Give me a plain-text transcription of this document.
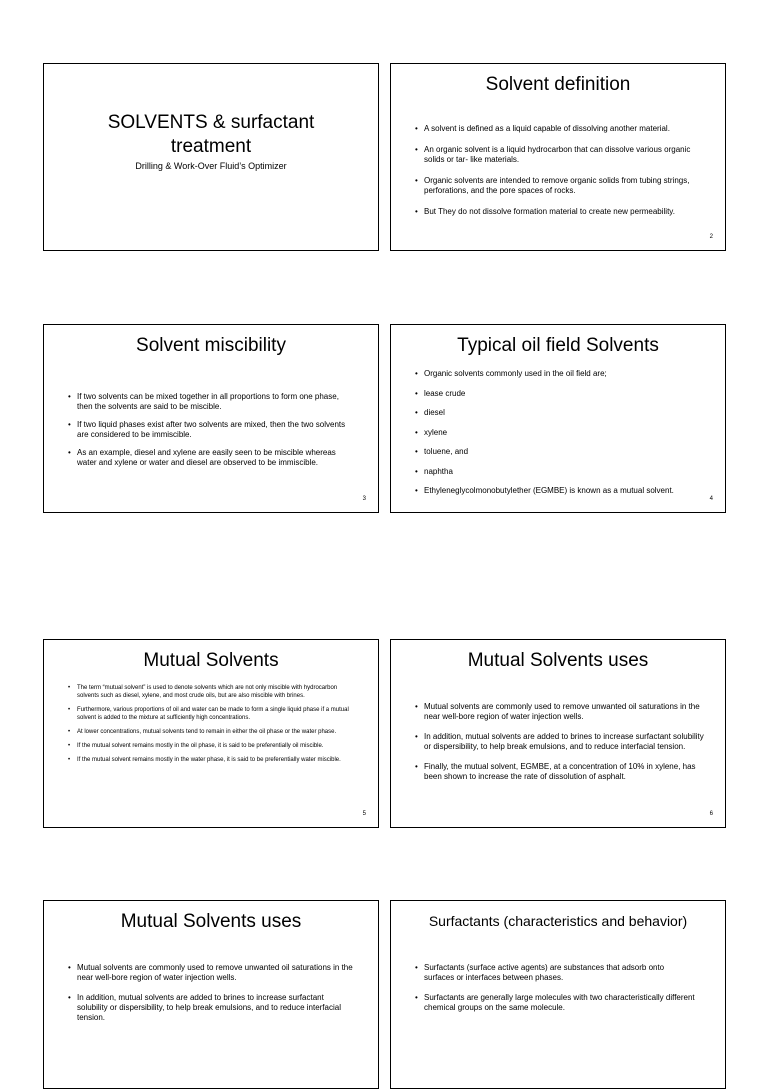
SOLVENTS & surfactant treatment
Drilling & Work-Over Fluid’s Optimizer
Solvent definition
• A solvent is defined as a liquid capable of dissolving another material.
• An organic solvent is a liquid hydrocarbon that can dissolve various organic solids or tar- like materials.
• Organic solvents are intended to remove organic solids from tubing strings, perforations, and the pore spaces of rocks.
• But They do not dissolve formation material to create new permeability.
2
Solvent miscibility
• If two solvents can be mixed together in all proportions to form one phase, then the solvents are said to be miscible.
• If two liquid phases exist after two solvents are mixed, then the two solvents are considered to be immiscible.
• As an example, diesel and xylene are easily seen to be miscible whereas water and xylene or water and diesel are observed to be immiscible.
3
Typical oil field Solvents
• Organic solvents commonly used in the oil field are;
• lease crude
• diesel
• xylene
• toluene, and
• naphtha
• Ethyleneglycolmonobutylether (EGMBE) is known as a mutual solvent.
4
Mutual Solvents
• The term “mutual solvent” is used to denote solvents which are not only miscible with hydrocarbon solvents such as diesel, xylene, and most crude oils, but are also miscible with brines.
• Furthermore, various proportions of oil and water can be made to form a single liquid phase if a mutual solvent is added to the mixture at sufficiently high concentrations.
• At lower concentrations, mutual solvents tend to remain in either the oil phase or the water phase.
• If the mutual solvent remains mostly in the oil phase, it is said to be preferentially oil miscible.
• If the mutual solvent remains mostly in the water phase, it is said to be preferentially water miscible.
5
Mutual Solvents uses
• Mutual solvents are commonly used to remove unwanted oil saturations in the near well-bore region of water injection wells.
• In addition, mutual solvents are added to brines to increase surfactant solubility or dispersibility, to help break emulsions, and to reduce interfacial tension.
• Finally, the mutual solvent, EGMBE, at a concentration of 10% in xylene, has been shown to increase the rate of dissolution of asphalt.
6
Mutual Solvents uses
• Mutual solvents are commonly used to remove unwanted oil saturations in the near well-bore region of water injection wells.
• In addition, mutual solvents are added to brines to increase surfactant solubility or dispersibility, to help break emulsions, and to reduce interfacial tension.
Surfactants (characteristics and behavior)
• Surfactants (surface active agents) are substances that adsorb onto surfaces or interfaces between phases.
• Surfactants are generally large molecules with two characteristically different chemical groups on the same molecule.
